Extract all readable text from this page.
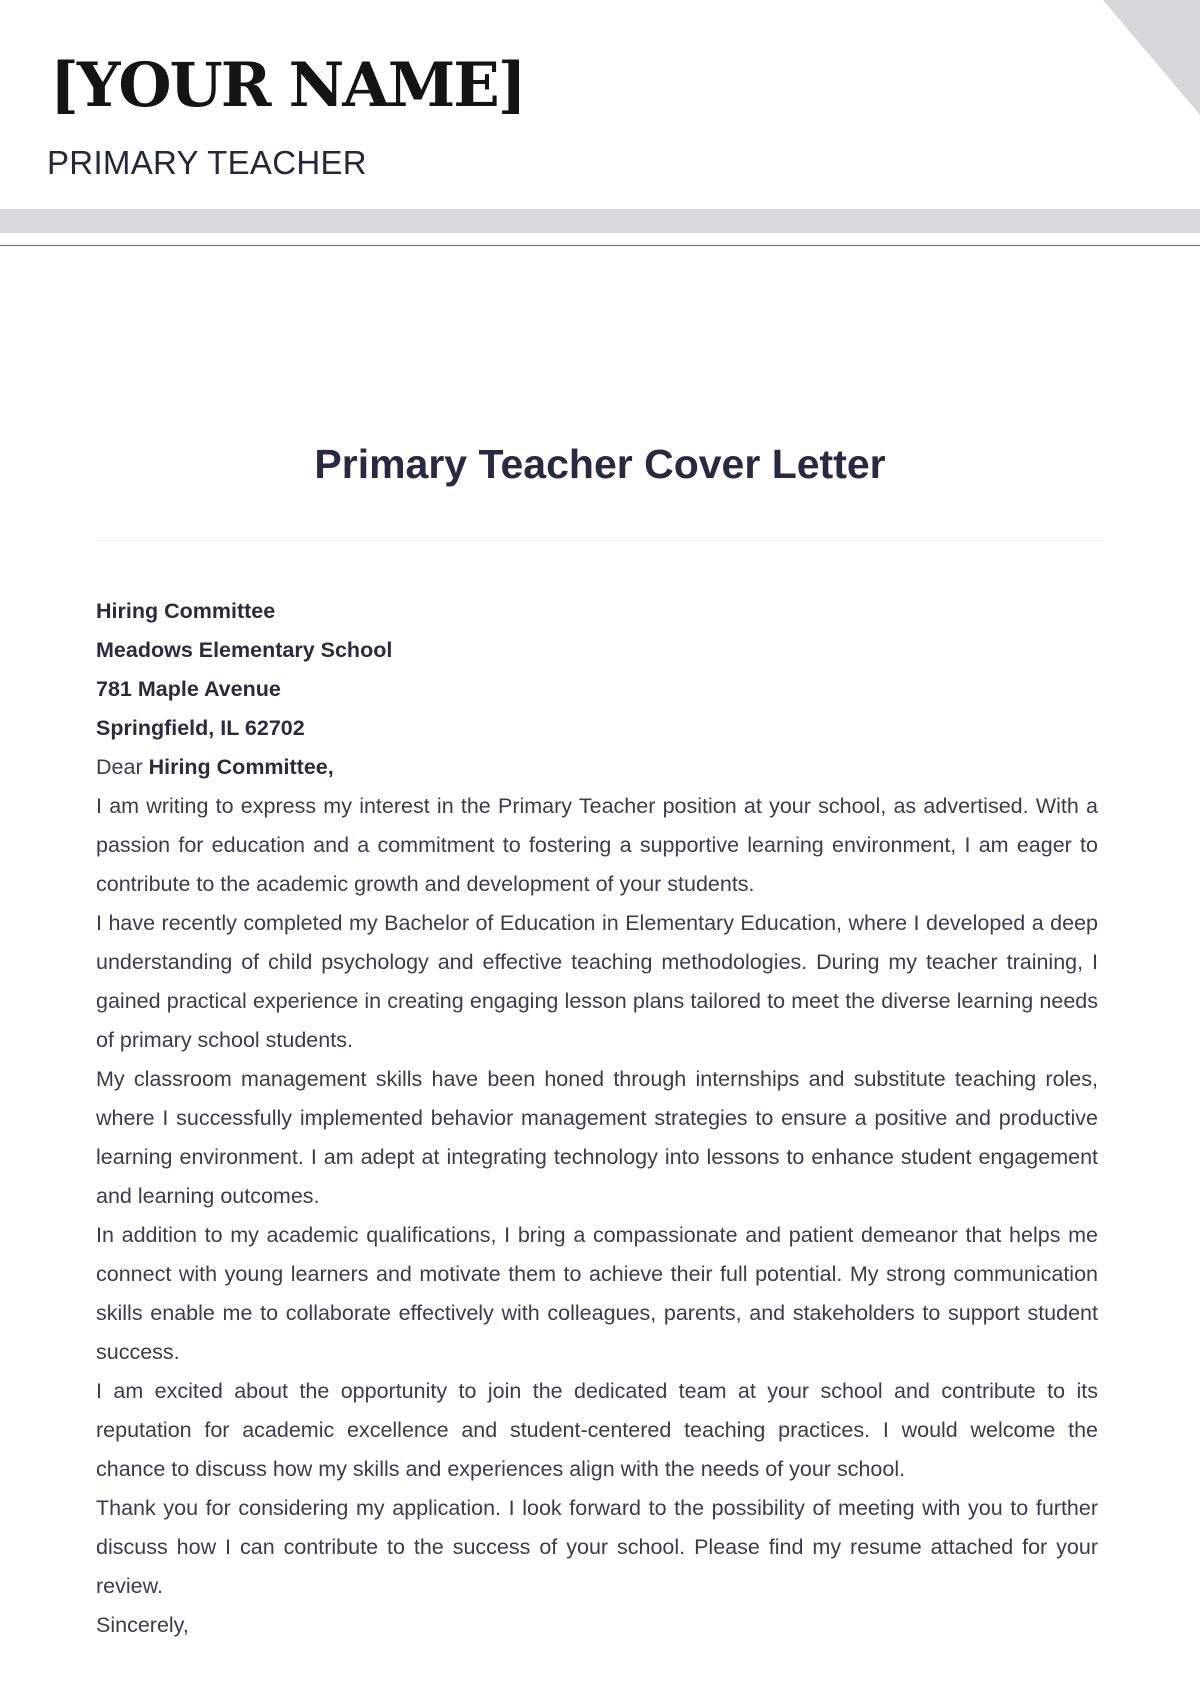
[YOUR NAME]
PRIMARY TEACHER
Primary Teacher Cover Letter
Hiring Committee
Meadows Elementary School
781 Maple Avenue
Springfield, IL 62702
Dear Hiring Committee,

I am writing to express my interest in the Primary Teacher position at your school, as advertised. With a passion for education and a commitment to fostering a supportive learning environment, I am eager to contribute to the academic growth and development of your students.

I have recently completed my Bachelor of Education in Elementary Education, where I developed a deep understanding of child psychology and effective teaching methodologies. During my teacher training, I gained practical experience in creating engaging lesson plans tailored to meet the diverse learning needs of primary school students.

My classroom management skills have been honed through internships and substitute teaching roles, where I successfully implemented behavior management strategies to ensure a positive and productive learning environment. I am adept at integrating technology into lessons to enhance student engagement and learning outcomes.

In addition to my academic qualifications, I bring a compassionate and patient demeanor that helps me connect with young learners and motivate them to achieve their full potential. My strong communication skills enable me to collaborate effectively with colleagues, parents, and stakeholders to support student success.

I am excited about the opportunity to join the dedicated team at your school and contribute to its reputation for academic excellence and student-centered teaching practices. I would welcome the chance to discuss how my skills and experiences align with the needs of your school.

Thank you for considering my application. I look forward to the possibility of meeting with you to further discuss how I can contribute to the success of your school. Please find my resume attached for your review.

Sincerely,
